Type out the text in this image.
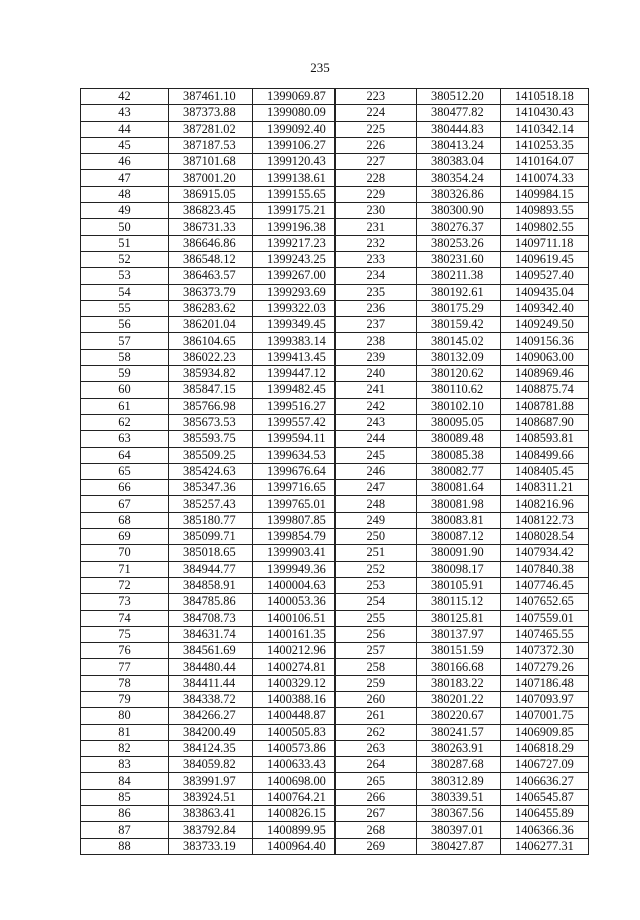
235
42	387461.10	1399069.87	223	380512.20	1410518.18
43	387373.88	1399080.09	224	380477.82	1410430.43
44	387281.02	1399092.40	225	380444.83	1410342.14
45	387187.53	1399106.27	226	380413.24	1410253.35
46	387101.68	1399120.43	227	380383.04	1410164.07
47	387001.20	1399138.61	228	380354.24	1410074.33
48	386915.05	1399155.65	229	380326.86	1409984.15
49	386823.45	1399175.21	230	380300.90	1409893.55
50	386731.33	1399196.38	231	380276.37	1409802.55
51	386646.86	1399217.23	232	380253.26	1409711.18
52	386548.12	1399243.25	233	380231.60	1409619.45
53	386463.57	1399267.00	234	380211.38	1409527.40
54	386373.79	1399293.69	235	380192.61	1409435.04
55	386283.62	1399322.03	236	380175.29	1409342.40
56	386201.04	1399349.45	237	380159.42	1409249.50
57	386104.65	1399383.14	238	380145.02	1409156.36
58	386022.23	1399413.45	239	380132.09	1409063.00
59	385934.82	1399447.12	240	380120.62	1408969.46
60	385847.15	1399482.45	241	380110.62	1408875.74
61	385766.98	1399516.27	242	380102.10	1408781.88
62	385673.53	1399557.42	243	380095.05	1408687.90
63	385593.75	1399594.11	244	380089.48	1408593.81
64	385509.25	1399634.53	245	380085.38	1408499.66
65	385424.63	1399676.64	246	380082.77	1408405.45
66	385347.36	1399716.65	247	380081.64	1408311.21
67	385257.43	1399765.01	248	380081.98	1408216.96
68	385180.77	1399807.85	249	380083.81	1408122.73
69	385099.71	1399854.79	250	380087.12	1408028.54
70	385018.65	1399903.41	251	380091.90	1407934.42
71	384944.77	1399949.36	252	380098.17	1407840.38
72	384858.91	1400004.63	253	380105.91	1407746.45
73	384785.86	1400053.36	254	380115.12	1407652.65
74	384708.73	1400106.51	255	380125.81	1407559.01
75	384631.74	1400161.35	256	380137.97	1407465.55
76	384561.69	1400212.96	257	380151.59	1407372.30
77	384480.44	1400274.81	258	380166.68	1407279.26
78	384411.44	1400329.12	259	380183.22	1407186.48
79	384338.72	1400388.16	260	380201.22	1407093.97
80	384266.27	1400448.87	261	380220.67	1407001.75
81	384200.49	1400505.83	262	380241.57	1406909.85
82	384124.35	1400573.86	263	380263.91	1406818.29
83	384059.82	1400633.43	264	380287.68	1406727.09
84	383991.97	1400698.00	265	380312.89	1406636.27
85	383924.51	1400764.21	266	380339.51	1406545.87
86	383863.41	1400826.15	267	380367.56	1406455.89
87	383792.84	1400899.95	268	380397.01	1406366.36
88	383733.19	1400964.40	269	380427.87	1406277.31
